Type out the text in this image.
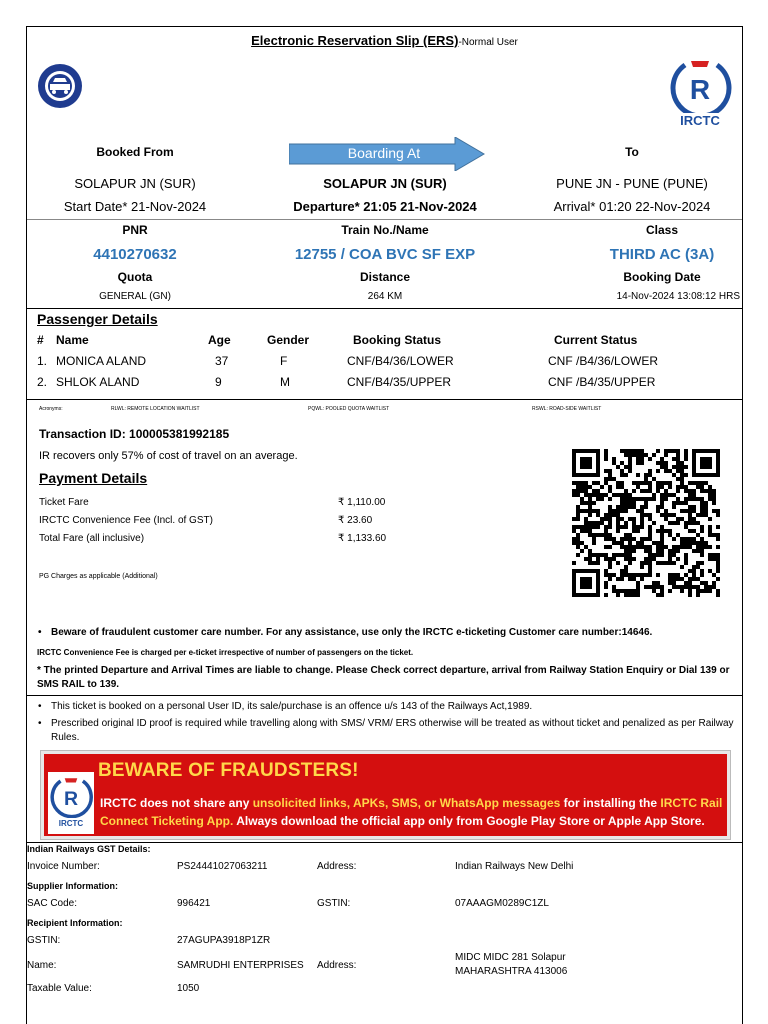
Electronic Reservation Slip (ERS)-Normal User
R
IRCTC
Booked From	Boarding At	To
SOLAPUR JN (SUR)	SOLAPUR JN (SUR)	PUNE JN - PUNE (PUNE)
Start Date* 21-Nov-2024	Departure* 21:05 21-Nov-2024	Arrival* 01:20 22-Nov-2024
PNR	Train No./Name	Class
4410270632	12755 / COA BVC SF EXP	THIRD AC (3A)
Quota	Distance	Booking Date
GENERAL (GN)	264 KM	14-Nov-2024 13:08:12 HRS
Passenger Details
# Name	Age	Gender	Booking Status	Current Status
1. MONICA ALAND	37	F	CNF/B4/36/LOWER	CNF /B4/36/LOWER
2. SHLOK ALAND	9	M	CNF/B4/35/UPPER	CNF /B4/35/UPPER
Acronyms:	RLWL: REMOTE LOCATION WAITLIST	PQWL: POOLED QUOTA WAITLIST	RSWL: ROAD-SIDE WAITLIST
Transaction ID: 100005381992185
IR recovers only 57% of cost of travel on an average.
Payment Details
Ticket Fare	₹ 1,110.00
IRCTC Convenience Fee (Incl. of GST)	₹ 23.60
Total Fare (all inclusive)	₹ 1,133.60
PG Charges as applicable (Additional)
• Beware of fraudulent customer care number. For any assistance, use only the IRCTC e-ticketing Customer care number:14646.
IRCTC Convenience Fee is charged per e-ticket irrespective of number of passengers on the ticket.
* The printed Departure and Arrival Times are liable to change. Please Check correct departure, arrival from Railway Station Enquiry or Dial 139 or SMS RAIL to 139.
• This ticket is booked on a personal User ID, its sale/purchase is an offence u/s 143 of the Railways Act,1989.
• Prescribed original ID proof is required while travelling along with SMS/ VRM/ ERS otherwise will be treated as without ticket and penalized as per Railway Rules.
R
IRCTC
BEWARE OF FRAUDSTERS!
IRCTC does not share any unsolicited links, APKs, SMS, or WhatsApp messages for installing the IRCTC Rail Connect Ticketing App. Always download the official app only from Google Play Store or Apple App Store.
Indian Railways GST Details:
Invoice Number:	PS24441027063211	Address:	Indian Railways New Delhi
Supplier Information:
SAC Code:	996421	GSTIN:	07AAAGM0289C1ZL
Recipient Information:
GSTIN:	27AGUPA3918P1ZR
Name:	SAMRUDHI ENTERPRISES Address:
MIDC MIDC 281 Solapur
MAHARASHTRA 413006
Taxable Value:	1050
